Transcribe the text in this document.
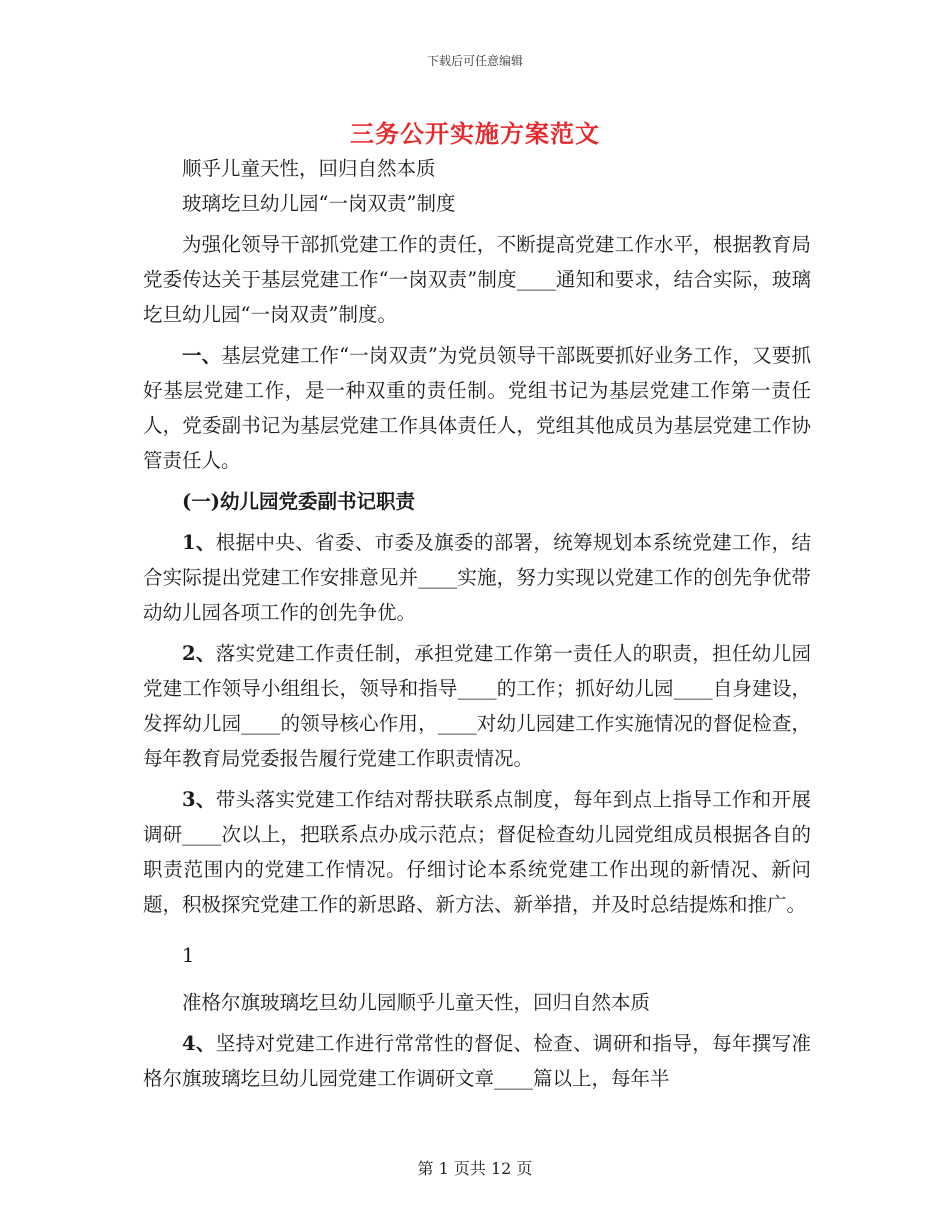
下载后可任意编辑
三务公开实施方案范文

顺乎儿童天性，回归自然本质

玻璃圪旦幼儿园“一岗双责”制度

为强化领导干部抓党建工作的责任，不断提高党建工作水平，根据教育局党委传达关于基层党建工作“一岗双责”制度____通知和要求，结合实际，玻璃圪旦幼儿园“一岗双责”制度。

一、基层党建工作“一岗双责”为党员领导干部既要抓好业务工作，又要抓好基层党建工作，是一种双重的责任制。党组书记为基层党建工作第一责任人，党委副书记为基层党建工作具体责任人，党组其他成员为基层党建工作协管责任人。

(一)幼儿园党委副书记职责

1、根据中央、省委、市委及旗委的部署，统筹规划本系统党建工作，结合实际提出党建工作安排意见并____实施，努力实现以党建工作的创先争优带动幼儿园各项工作的创先争优。

2、落实党建工作责任制，承担党建工作第一责任人的职责，担任幼儿园党建工作领导小组组长，领导和指导____的工作；抓好幼儿园____自身建设，发挥幼儿园____的领导核心作用，____对幼儿园建工作实施情况的督促检查，每年教育局党委报告履行党建工作职责情况。

3、带头落实党建工作结对帮扶联系点制度，每年到点上指导工作和开展调研____次以上，把联系点办成示范点；督促检查幼儿园党组成员根据各自的职责范围内的党建工作情况。仔细讨论本系统党建工作出现的新情况、新问题，积极探究党建工作的新思路、新方法、新举措，并及时总结提炼和推广。

1

准格尔旗玻璃圪旦幼儿园顺乎儿童天性，回归自然本质

4、坚持对党建工作进行常常性的督促、检查、调研和指导，每年撰写准格尔旗玻璃圪旦幼儿园党建工作调研文章____篇以上，每年半

第 1 页共 12 页
